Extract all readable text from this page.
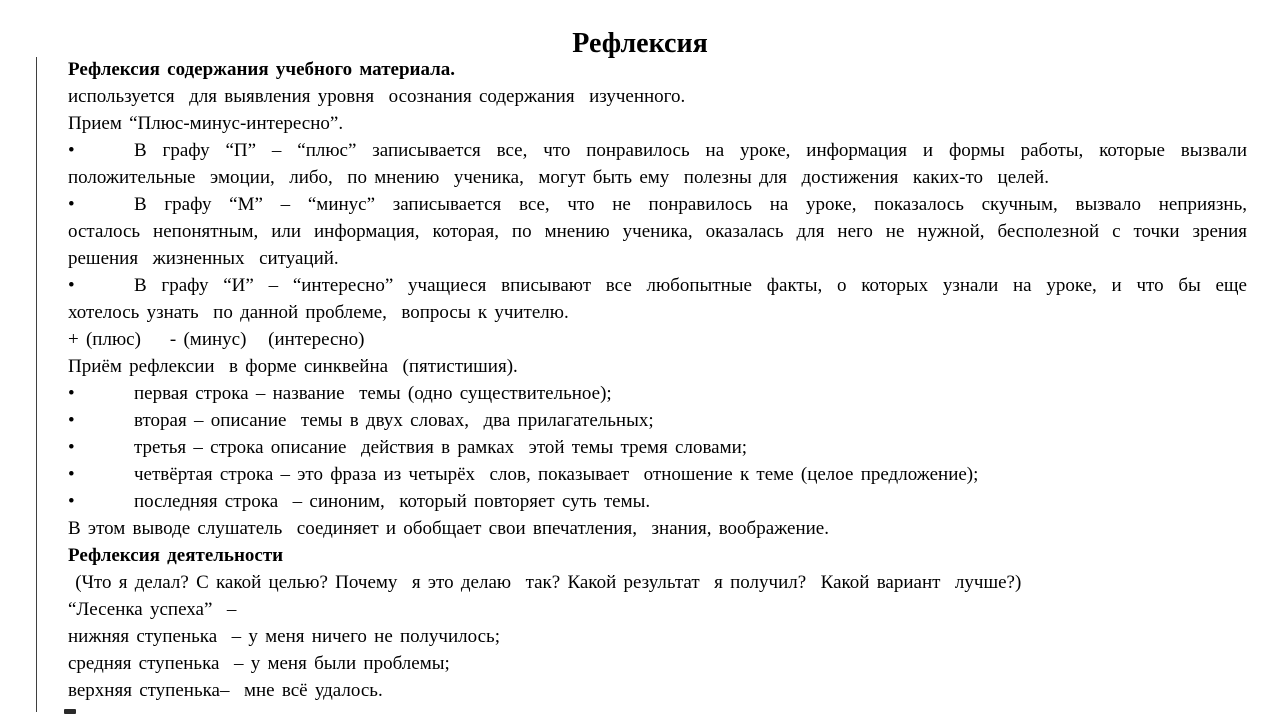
Рефлексия
Рефлексия содержания учебного материала.
используется  для выявления уровня  осознания содержания  изученного.
Прием “Плюс-минус-интересно”.
•	В графу “П” – “плюс” записывается все, что понравилось на уроке, информация и формы работы, которые вызвали
положительные  эмоции,  либо,  по мнению  ученика,  могут быть ему  полезны для  достижения  каких-то  целей.
•	В графу “М” – “минус” записывается все, что не понравилось на уроке, показалось скучным, вызвало неприязнь,
осталось непонятным, или информация, которая, по мнению ученика, оказалась для него не нужной, бесполезной с точки зрения
решения  жизненных  ситуаций.
•	В графу “И” – “интересно” учащиеся вписывают все любопытные факты, о которых узнали на уроке, и что бы еще
хотелось узнать  по данной проблеме,  вопросы к учителю.
+ (плюс)    - (минус)   (интересно)
Приём рефлексии  в форме синквейна  (пятистишия).
•	первая строка – название  темы (одно существительное);
•	вторая – описание  темы в двух словах,  два прилагательных;
•	третья – строка описание  действия в рамках  этой темы тремя словами;
•	четвёртая строка – это фраза из четырёх  слов, показывает  отношение к теме (целое предложение);
•	последняя строка  – синоним,  который повторяет суть темы.
В этом выводе слушатель  соединяет и обобщает свои впечатления,  знания, воображение.
Рефлексия деятельности
(Что я делал? С какой целью? Почему  я это делаю  так? Какой результат  я получил?  Какой вариант  лучше?)
“Лесенка успеха”  –
нижняя ступенька  – у меня ничего не получилось;
средняя ступенька  – у меня были проблемы;
верхняя ступенька–  мне всё удалось.
